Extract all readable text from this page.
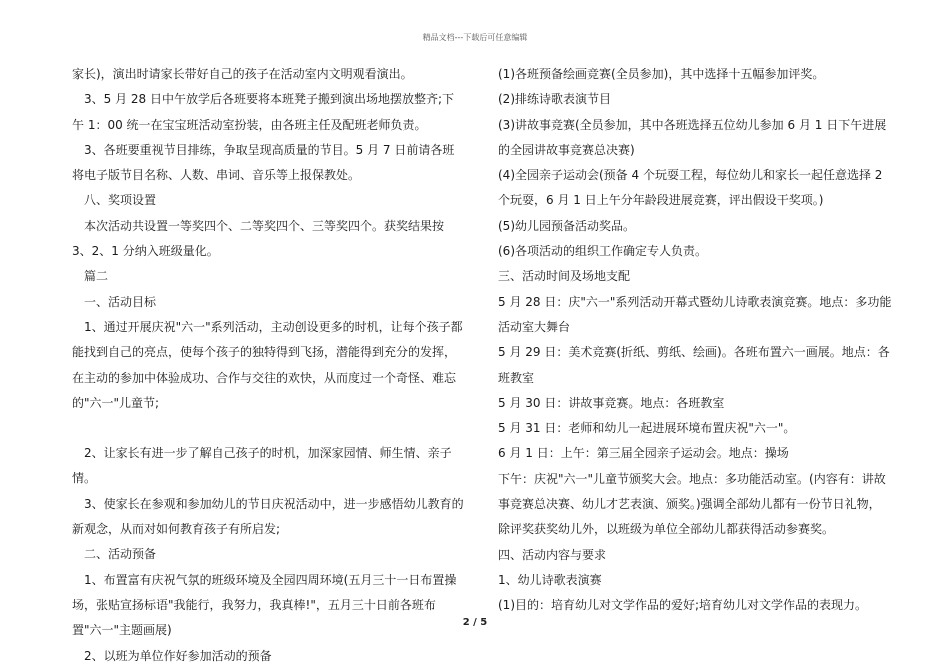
精品文档---下载后可任意编辑

家长)，演出时请家长带好自己的孩子在活动室内文明观看演出。

3、5 月 28 日中午放学后各班要将本班凳子搬到演出场地摆放整齐;下午 1：00 统一在宝宝班活动室扮装，由各班主任及配班老师负责。

3、各班要重视节目排练，争取呈现高质量的节目。5 月 7 日前请各班将电子版节目名称、人数、串词、音乐等上报保教处。

八、奖项设置

本次活动共设置一等奖四个、二等奖四个、三等奖四个。获奖结果按 3、2、1 分纳入班级量化。

篇二

一、活动目标

1、通过开展庆祝"六一"系列活动，主动创设更多的时机，让每个孩子都能找到自己的亮点，使每个孩子的独特得到飞扬，潜能得到充分的发挥，在主动的参加中体验成功、合作与交往的欢快，从而度过一个奇怪、难忘的"六一"儿童节;

2、让家长有进一步了解自己孩子的时机，加深家园情、师生情、亲子情。

3、使家长在参观和参加幼儿的节日庆祝活动中，进一步感悟幼儿教育的新观念，从而对如何教育孩子有所启发;

二、活动预备

1、布置富有庆祝气氛的班级环境及全园四周环境(五月三十一日布置操场，张贴宣扬标语"我能行，我努力，我真棒!"，五月三十日前各班布置"六一"主题画展)

2、以班为单位作好参加活动的预备

(1)各班预备绘画竞赛(全员参加)，其中选择十五幅参加评奖。

(2)排练诗歌表演节目

(3)讲故事竞赛(全员参加，其中各班选择五位幼儿参加 6 月 1 日下午进展的全园讲故事竞赛总决赛)

(4)全园亲子运动会(预备 4 个玩耍工程，每位幼儿和家长一起任意选择 2 个玩耍，6 月 1 日上午分年龄段进展竞赛，评出假设干奖项。)

(5)幼儿园预备活动奖品。

(6)各项活动的组织工作确定专人负责。

三、活动时间及场地支配

5 月 28 日：庆"六一"系列活动开幕式暨幼儿诗歌表演竞赛。地点：多功能活动室大舞台

5 月 29 日：美术竞赛(折纸、剪纸、绘画)。各班布置六一画展。地点：各班教室

5 月 30 日：讲故事竞赛。地点：各班教室

5 月 31 日：老师和幼儿一起进展环境布置庆祝"六一"。

6 月 1 日：上午：第三届全园亲子运动会。地点：操场

下午：庆祝"六一"儿童节颁奖大会。地点：多功能活动室。(内容有：讲故事竞赛总决赛、幼儿才艺表演、颁奖。)强调全部幼儿都有一份节日礼物，除评奖获奖幼儿外，以班级为单位全部幼儿都获得活动参赛奖。

四、活动内容与要求

1、幼儿诗歌表演赛

(1)目的：培育幼儿对文学作品的爱好;培育幼儿对文学作品的表现力。

2 / 5
